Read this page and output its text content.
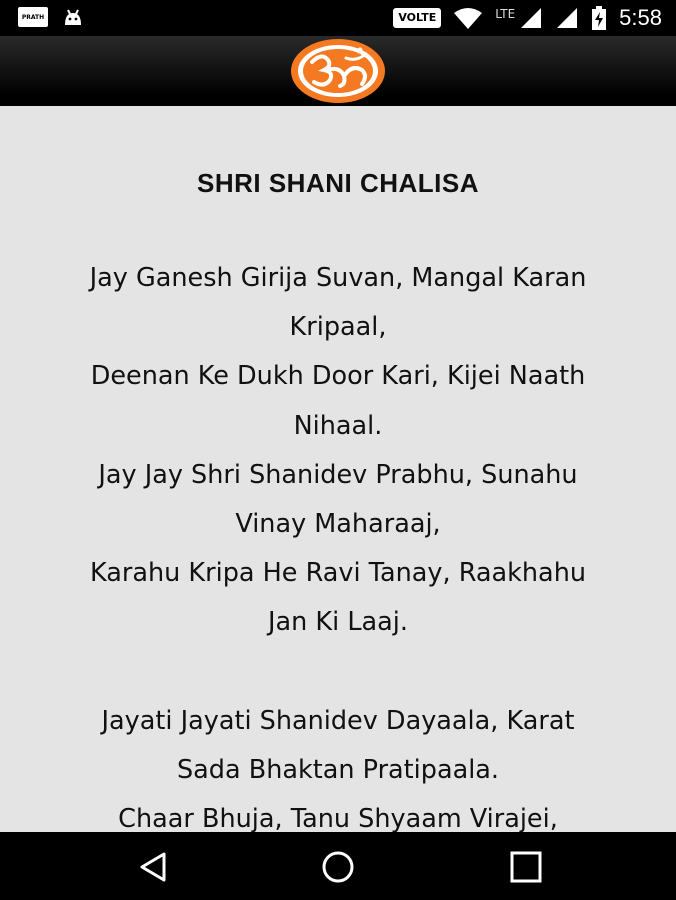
PRATH	VOLTE	LTE	5:58
SHRI SHANI CHALISA
Jay Ganesh Girija Suvan, Mangal Karan
Kripaal,
Deenan Ke Dukh Door Kari, Kijei Naath
Nihaal.
Jay Jay Shri Shanidev Prabhu, Sunahu
Vinay Maharaaj,
Karahu Kripa He Ravi Tanay, Raakhahu
Jan Ki Laaj.
Jayati Jayati Shanidev Dayaala, Karat
Sada Bhaktan Pratipaala.
Chaar Bhuja, Tanu Shyaam Virajei,
